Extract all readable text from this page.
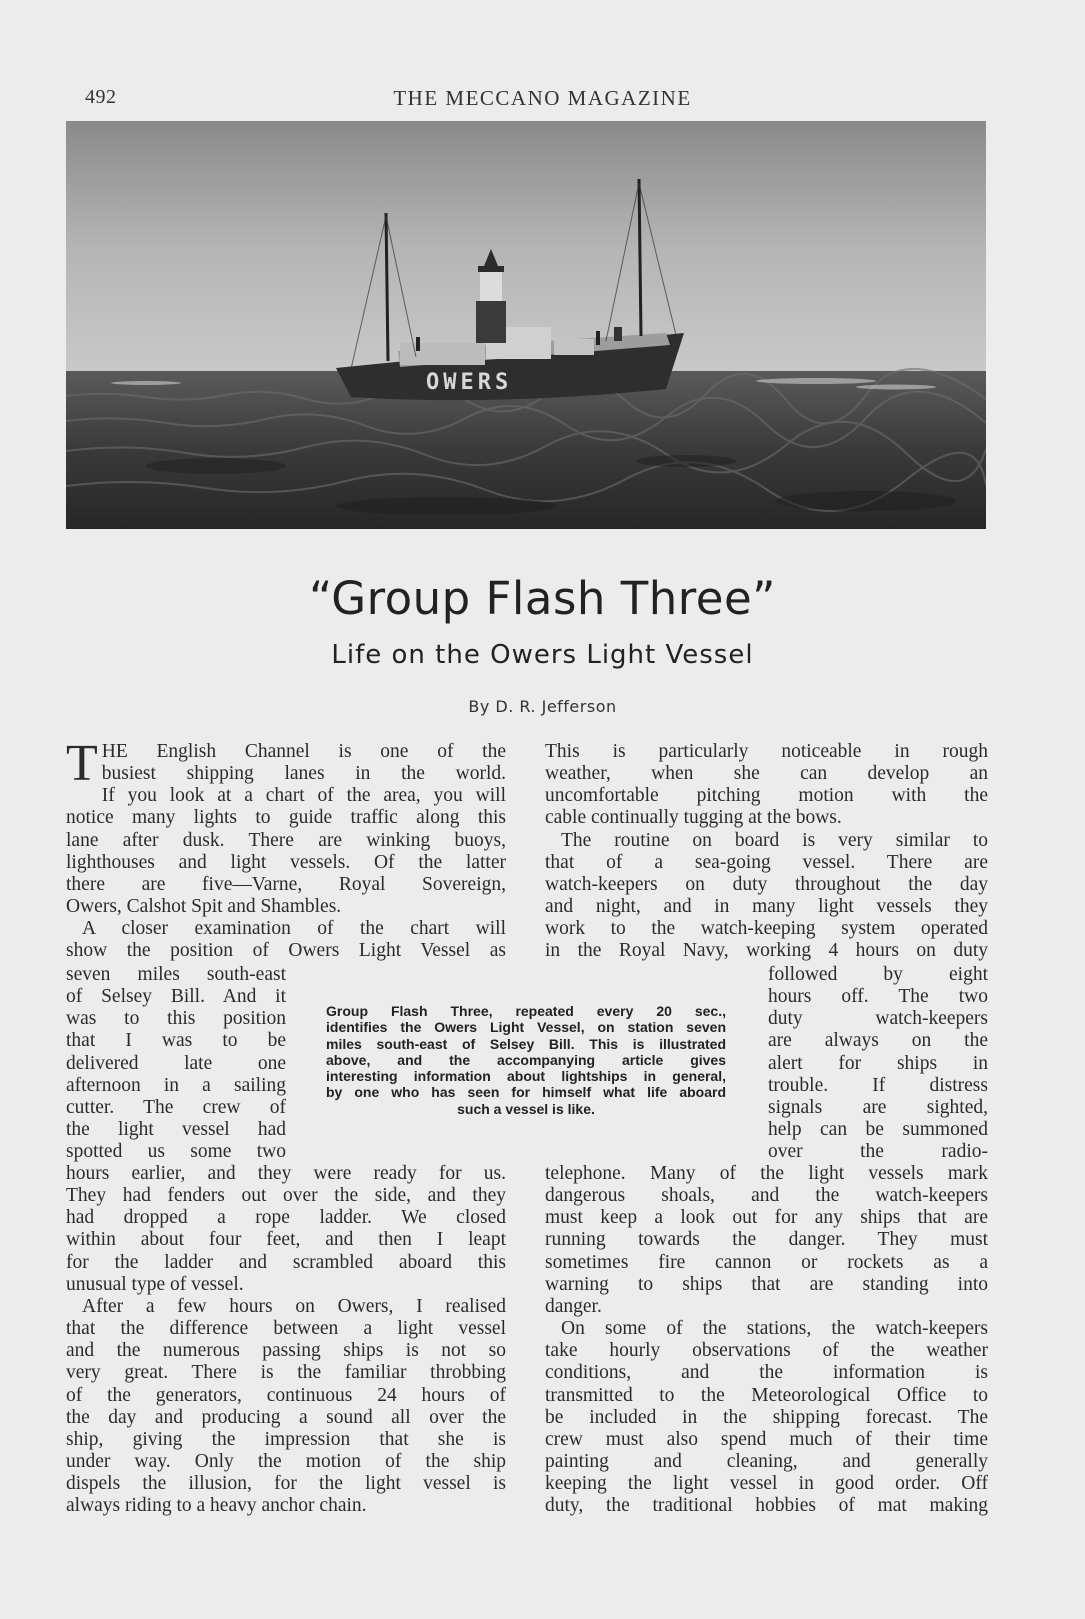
492	THE MECCANO MAGAZINE
OWERS
“Group Flash Three”
Life on the Owers Light Vessel
By D. R. Jefferson
T HE English Channel is one of the
busiest shipping lanes in the world.
If you look at a chart of the area, you will
notice many lights to guide traffic along this
lane after dusk. There are winking buoys,
lighthouses and light vessels. Of the latter
there are five—Varne, Royal Sovereign,
Owers, Calshot Spit and Shambles.
A closer examination of the chart will
show the position of Owers Light Vessel as
seven miles south-east
of Selsey Bill. And it
was to this position
that I was to be
delivered late one
afternoon in a sailing
cutter. The crew of
the light vessel had
spotted us some two
hours earlier, and they were ready for us.
They had fenders out over the side, and they
had dropped a rope ladder. We closed
within about four feet, and then I leapt
for the ladder and scrambled aboard this
unusual type of vessel.
After a few hours on Owers, I realised
that the difference between a light vessel
and the numerous passing ships is not so
very great. There is the familiar throbbing
of the generators, continuous 24 hours of
the day and producing a sound all over the
ship, giving the impression that she is
under way. Only the motion of the ship
dispels the illusion, for the light vessel is
always riding to a heavy anchor chain.
This is particularly noticeable in rough
weather, when she can develop an
uncomfortable pitching motion with the
cable continually tugging at the bows.
The routine on board is very similar to
that of a sea-going vessel. There are
watch-keepers on duty throughout the day
and night, and in many light vessels they
work to the watch-keeping system operated
in the Royal Navy, working 4 hours on duty
followed by eight
hours off. The two
duty watch-keepers
are always on the
alert for ships in
trouble. If distress
signals are sighted,
help can be summoned
over the radio-
telephone. Many of the light vessels mark
dangerous shoals, and the watch-keepers
must keep a look out for any ships that are
running towards the danger. They must
sometimes fire cannon or rockets as a
warning to ships that are standing into
danger.
On some of the stations, the watch-keepers
take hourly observations of the weather
conditions, and the information is
transmitted to the Meteorological Office to
be included in the shipping forecast. The
crew must also spend much of their time
painting and cleaning, and generally
keeping the light vessel in good order. Off
duty, the traditional hobbies of mat making
Group Flash Three, repeated every 20 sec.,
identifies the Owers Light Vessel, on station seven
miles south-east of Selsey Bill. This is illustrated
above, and the accompanying article gives
interesting information about lightships in general,
by one who has seen for himself what life aboard
such a vessel is like.
